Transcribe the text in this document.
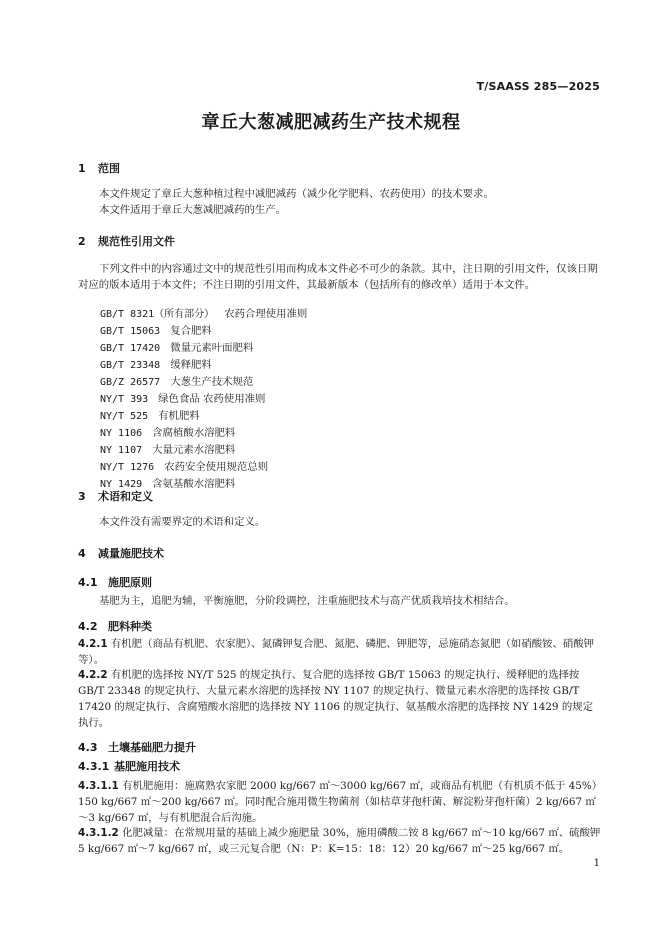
T/SAASS 285—2025
章丘大葱减肥减药生产技术规程
1 范围
本文件规定了章丘大葱种植过程中减肥减药（减少化学肥料、农药使用）的技术要求。
本文件适用于章丘大葱减肥减药的生产。
2 规范性引用文件
下列文件中的内容通过文中的规范性引用而构成本文件必不可少的条款。其中，注日期的引用文件，仅该日期对应的版本适用于本文件；不注日期的引用文件，其最新版本（包括所有的修改单）适用于本文件。
GB/T 8321（所有部分） 农药合理使用准则
GB/T 15063 复合肥料
GB/T 17420 微量元素叶面肥料
GB/T 23348 缓释肥料
GB/Z 26577 大葱生产技术规范
NY/T 393 绿色食品 农药使用准则
NY/T 525 有机肥料
NY 1106 含腐植酸水溶肥料
NY 1107 大量元素水溶肥料
NY/T 1276 农药安全使用规范总则
NY 1429 含氨基酸水溶肥料
3 术语和定义
本文件没有需要界定的术语和定义。
4 减量施肥技术
4.1 施肥原则
基肥为主，追肥为辅，平衡施肥，分阶段调控，注重施肥技术与高产优质栽培技术相结合。
4.2 肥料种类
4.2.1 有机肥（商品有机肥、农家肥）、氮磷钾复合肥、氮肥、磷肥、钾肥等，忌施硝态氮肥（如硝酸铵、硝酸钾等）。
4.2.2 有机肥的选择按 NY/T 525 的规定执行、复合肥的选择按 GB/T 15063 的规定执行、缓释肥的选择按 GB/T 23348 的规定执行、大量元素水溶肥的选择按 NY 1107 的规定执行、微量元素水溶肥的选择按 GB/T 17420 的规定执行、含腐殖酸水溶肥的选择按 NY 1106 的规定执行、氨基酸水溶肥的选择按 NY 1429 的规定执行。
4.3 土壤基础肥力提升
4.3.1 基肥施用技术
4.3.1.1 有机肥施用：施腐熟农家肥 2000 kg/667 ㎡～3000 kg/667 ㎡，或商品有机肥（有机质不低于 45%）150 kg/667 ㎡～200 kg/667 ㎡。同时配合施用微生物菌剂（如枯草芽孢杆菌、解淀粉芽孢杆菌）2 kg/667 ㎡～3 kg/667 ㎡，与有机肥混合后沟施。
4.3.1.2 化肥减量：在常规用量的基础上减少施肥量 30%，施用磷酸二铵 8 kg/667 ㎡～10 kg/667 ㎡、硫酸钾 5 kg/667 ㎡～7 kg/667 ㎡，或三元复合肥（N：P：K=15：18：12）20 kg/667 ㎡～25 kg/667 ㎡。
1
